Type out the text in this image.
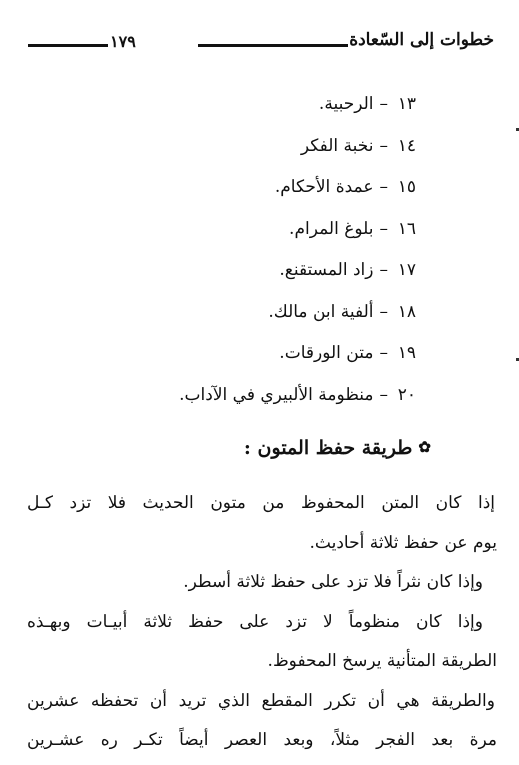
خطوات إلى السّعادة
١٧٩
١٣–الرحبية.
١٤–نخبة الفكر
١٥–عمدة الأحكام.
١٦–بلوغ المرام.
١٧–زاد المستقنع.
١٨–ألفية ابن مالك.
١٩–متن الورقات.
٢٠–منظومة الألبيري في الآداب.
✿طريقة حفظ المتون :
إذا كان المتن المحفوظ من متون الحديث فلا تزد كـل
يوم عن حفظ ثلاثة أحاديث.
وإذا كان نثراً فلا تزد على حفظ ثلاثة أسطر.
وإذا كان منظوماً لا تزد على حفظ ثلاثة أبيـات وبهـذه
الطريقة المتأنية يرسخ المحفوظ.
والطريقة هي أن تكرر المقطع الذي تريد أن تحفظه عشرين
مرة بعد الفجر مثلاً، وبعد العصر أيضاً تكـر ره عشـرين
